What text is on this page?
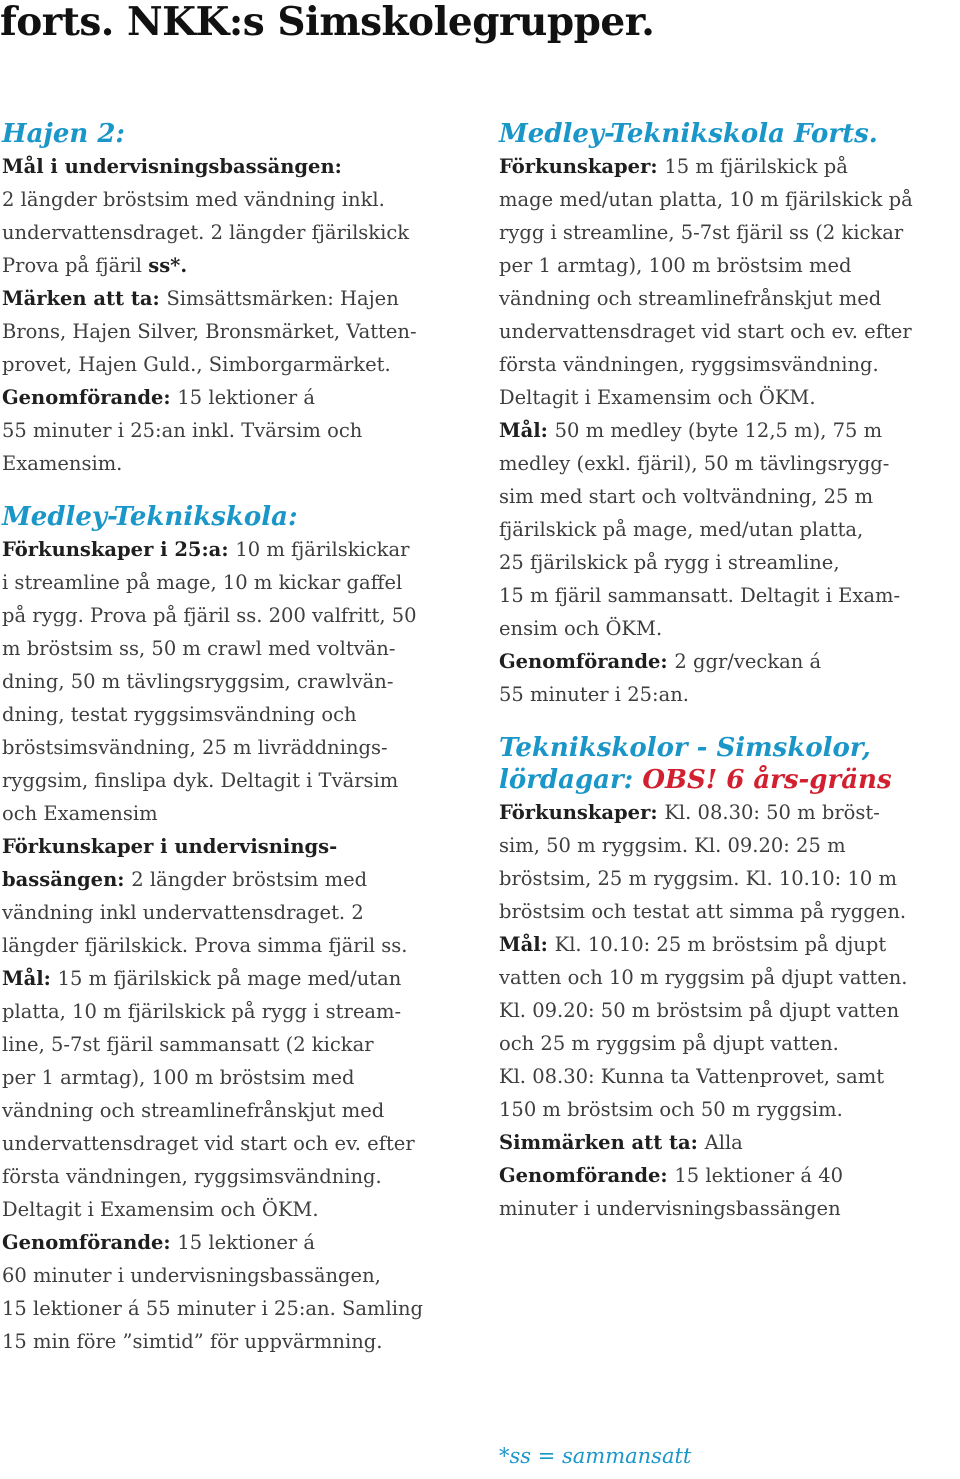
forts. NKK:s Simskolegrupper.
Hajen 2:

Mål i undervisningsbassängen:

2 längder bröstsim med vändning inkl.

undervattensdraget. 2 längder fjärilskick

Prova på fjäril ss*.

Märken att ta: Simsättsmärken: Hajen

Brons, Hajen Silver, Bronsmärket, Vatten-

provet, Hajen Guld., Simborgarmärket.

Genomförande: 15 lektioner á

55 minuter i 25:an inkl. Tvärsim och

Examensim.

Medley-Teknikskola:

Förkunskaper i 25:a: 10 m fjärilskickar

i streamline på mage, 10 m kickar gaffel

på rygg. Prova på fjäril ss. 200 valfritt, 50

m bröstsim ss, 50 m crawl med voltvän-

dning, 50 m tävlingsryggsim, crawlvän-

dning, testat ryggsimsvändning och

bröstsimsvändning, 25 m livräddnings-

ryggsim, finslipa dyk. Deltagit i Tvärsim

och Examensim

Förkunskaper i undervisnings-

bassängen: 2 längder bröstsim med

vändning inkl undervattensdraget. 2

längder fjärilskick. Prova simma fjäril ss.

Mål: 15 m fjärilskick på mage med/utan

platta, 10 m fjärilskick på rygg i stream-

line, 5-7st fjäril sammansatt (2 kickar

per 1 armtag), 100 m bröstsim med

vändning och streamlinefrånskjut med

undervattensdraget vid start och ev. efter

första vändningen, ryggsimsvändning.

Deltagit i Examensim och ÖKM.

Genomförande: 15 lektioner á

60 minuter i undervisningsbassängen,

15 lektioner á 55 minuter i 25:an. Samling

15 min före ”simtid” för uppvärmning.

Medley-Teknikskola Forts.

Förkunskaper: 15 m fjärilskick på

mage med/utan platta, 10 m fjärilskick på

rygg i streamline, 5-7st fjäril ss (2 kickar

per 1 armtag), 100 m bröstsim med

vändning och streamlinefrånskjut med

undervattensdraget vid start och ev. efter

första vändningen, ryggsimsvändning.

Deltagit i Examensim och ÖKM.

Mål: 50 m medley (byte 12,5 m), 75 m

medley (exkl. fjäril), 50 m tävlingsrygg-

sim med start och voltvändning, 25 m

fjärilskick på mage, med/utan platta,

25 fjärilskick på rygg i streamline,

15 m fjäril sammansatt. Deltagit i Exam-

ensim och ÖKM.

Genomförande: 2 ggr/veckan á

55 minuter i 25:an.

Teknikskolor - Simskolor,
lördagar: OBS! 6 års-gräns

Förkunskaper: Kl. 08.30: 50 m bröst-

sim, 50 m ryggsim. Kl. 09.20: 25 m

bröstsim, 25 m ryggsim. Kl. 10.10: 10 m

bröstsim och testat att simma på ryggen.

Mål: Kl. 10.10: 25 m bröstsim på djupt

vatten och 10 m ryggsim på djupt vatten.

Kl. 09.20: 50 m bröstsim på djupt vatten

och 25 m ryggsim på djupt vatten.

Kl. 08.30: Kunna ta Vattenprovet, samt

150 m bröstsim och 50 m ryggsim.

Simmärken att ta: Alla

Genomförande: 15 lektioner á 40

minuter i undervisningsbassängen

*ss = sammansatt
